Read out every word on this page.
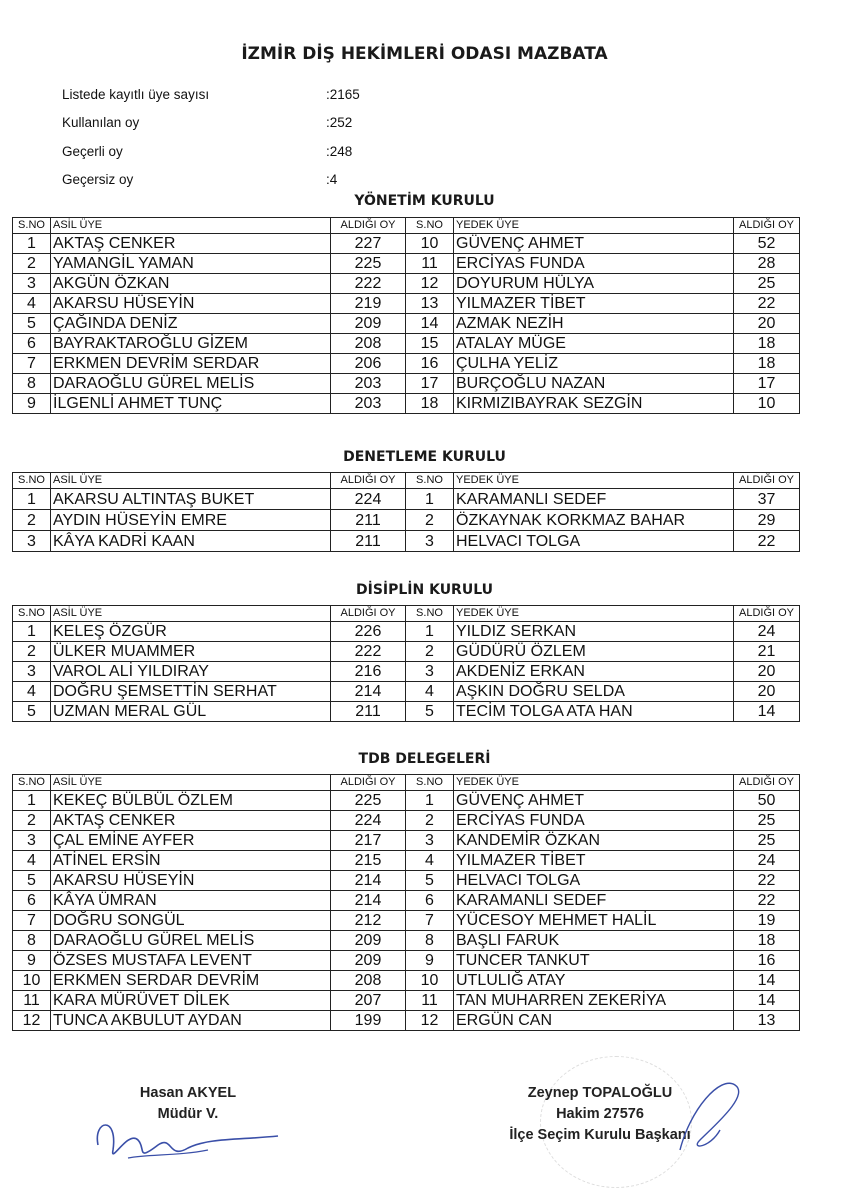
İZMİR DİŞ HEKİMLERİ ODASI MAZBATA
Listede kayıtlı üye sayısı	:2165
Kullanılan oy	:252
Geçerli oy	:248
Geçersiz oy	:4
YÖNETİM KURULU
S.NO	ASİL ÜYE	ALDIĞI OY	S.NO	YEDEK ÜYE	ALDIĞI OY
1	AKTAŞ CENKER	227	10	GÜVENÇ AHMET	52
2	YAMANGİL YAMAN	225	11	ERCİYAS FUNDA	28
3	AKGÜN ÖZKAN	222	12	DOYURUM HÜLYA	25
4	AKARSU HÜSEYİN	219	13	YILMAZER TİBET	22
5	ÇAĞINDA DENİZ	209	14	AZMAK NEZİH	20
6	BAYRAKTAROĞLU GİZEM	208	15	ATALAY MÜGE	18
7	ERKMEN DEVRİM SERDAR	206	16	ÇULHA YELİZ	18
8	DARAOĞLU GÜREL MELİS	203	17	BURÇOĞLU NAZAN	17
9	İLGENLİ AHMET TUNÇ	203	18	KIRMIZIBAYRAK SEZGİN	10
DENETLEME KURULU
S.NO	ASİL ÜYE	ALDIĞI OY	S.NO	YEDEK ÜYE	ALDIĞI OY
1	AKARSU ALTINTAŞ BUKET	224	1	KARAMANLI SEDEF	37
2	AYDIN HÜSEYİN EMRE	211	2	ÖZKAYNAK KORKMAZ BAHAR	29
3	KÂYA KADRİ KAAN	211	3	HELVACI TOLGA	22
DİSİPLİN KURULU
S.NO	ASİL ÜYE	ALDIĞI OY	S.NO	YEDEK ÜYE	ALDIĞI OY
1	KELEŞ ÖZGÜR	226	1	YILDIZ SERKAN	24
2	ÜLKER MUAMMER	222	2	GÜDÜRÜ ÖZLEM	21
3	VAROL ALİ YILDIRAY	216	3	AKDENİZ ERKAN	20
4	DOĞRU ŞEMSETTİN SERHAT	214	4	AŞKIN DOĞRU SELDA	20
5	UZMAN MERAL GÜL	211	5	TECİM TOLGA ATA HAN	14
TDB DELEGELERİ
S.NO	ASİL ÜYE	ALDIĞI OY	S.NO	YEDEK ÜYE	ALDIĞI OY
1	KEKEÇ BÜLBÜL ÖZLEM	225	1	GÜVENÇ AHMET	50
2	AKTAŞ CENKER	224	2	ERCİYAS FUNDA	25
3	ÇAL EMİNE AYFER	217	3	KANDEMİR ÖZKAN	25
4	ATİNEL ERSİN	215	4	YILMAZER TİBET	24
5	AKARSU HÜSEYİN	214	5	HELVACI TOLGA	22
6	KÂYA ÜMRAN	214	6	KARAMANLI SEDEF	22
7	DOĞRU SONGÜL	212	7	YÜCESOY MEHMET HALİL	19
8	DARAOĞLU GÜREL MELİS	209	8	BAŞLI FARUK	18
9	ÖZSES MUSTAFA LEVENT	209	9	TUNCER TANKUT	16
10	ERKMEN SERDAR DEVRİM	208	10	UTLULIĞ ATAY	14
11	KARA MÜRÜVET DİLEK	207	11	TAN MUHARREN ZEKERİYA	14
12	TUNCA AKBULUT AYDAN	199	12	ERGÜN CAN	13
Hasan AKYEL
Müdür V.
Zeynep TOPALOĞLU
Hakim 27576
İlçe Seçim Kurulu Başkanı
